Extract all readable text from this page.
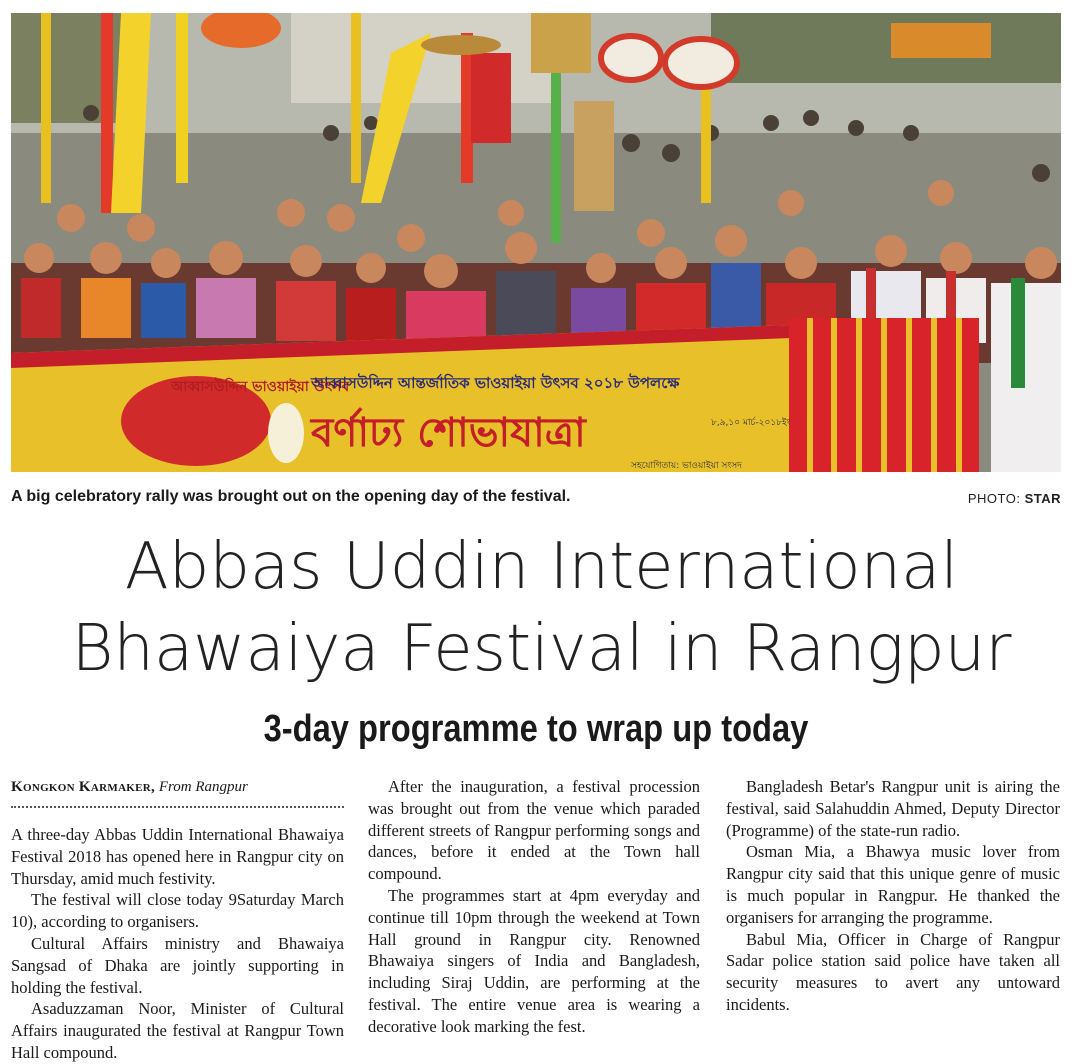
আব্বাসউদ্দিন ভাওয়াইয়া উৎসব
আব্বাসউদ্দিন আন্তর্জাতিক ভাওয়াইয়া উৎসব ২০১৮ উপলক্ষে
বর্ণাঢ্য শোভাযাত্রা	৮,৯,১০ মার্চ-২০১৮ইং
সহযোগিতায়: ভাওয়াইয়া সংসদ
A big celebratory rally was brought out on the opening day of the festival.	PHOTO: STAR
Abbas Uddin International
Bhawaiya Festival in Rangpur
3-day programme to wrap up today
Kongkon Karmaker, From Rangpur

A three-day Abbas Uddin International Bhawaiya Festival 2018 has opened here in Rangpur city on Thursday, amid much festivity.

The festival will close today 9Saturday March 10), according to organisers.

Cultural Affairs ministry and Bhawaiya Sangsad of Dhaka are jointly supporting in holding the festival.

Asaduzzaman Noor, Minister of Cultural Affairs inaugurated the festival at Rangpur Town Hall compound.

After the inauguration, a festival procession was brought out from the venue which paraded different streets of Rangpur performing songs and dances, before it ended at the Town hall compound.

The programmes start at 4pm everyday and continue till 10pm through the weekend at Town Hall ground in Rangpur city. Renowned Bhawaiya singers of India and Bangladesh, including Siraj Uddin, are performing at the festival. The entire venue area is wearing a decorative look marking the fest.

Bangladesh Betar's Rangpur unit is airing the festival, said Salahuddin Ahmed, Deputy Director (Programme) of the state-run radio.

Osman Mia, a Bhawya music lover from Rangpur city said that this unique genre of music is much popular in Rangpur. He thanked the organisers for arranging the programme.

Babul Mia, Officer in Charge of Rangpur Sadar police station said police have taken all security measures to avert any untoward incidents.
